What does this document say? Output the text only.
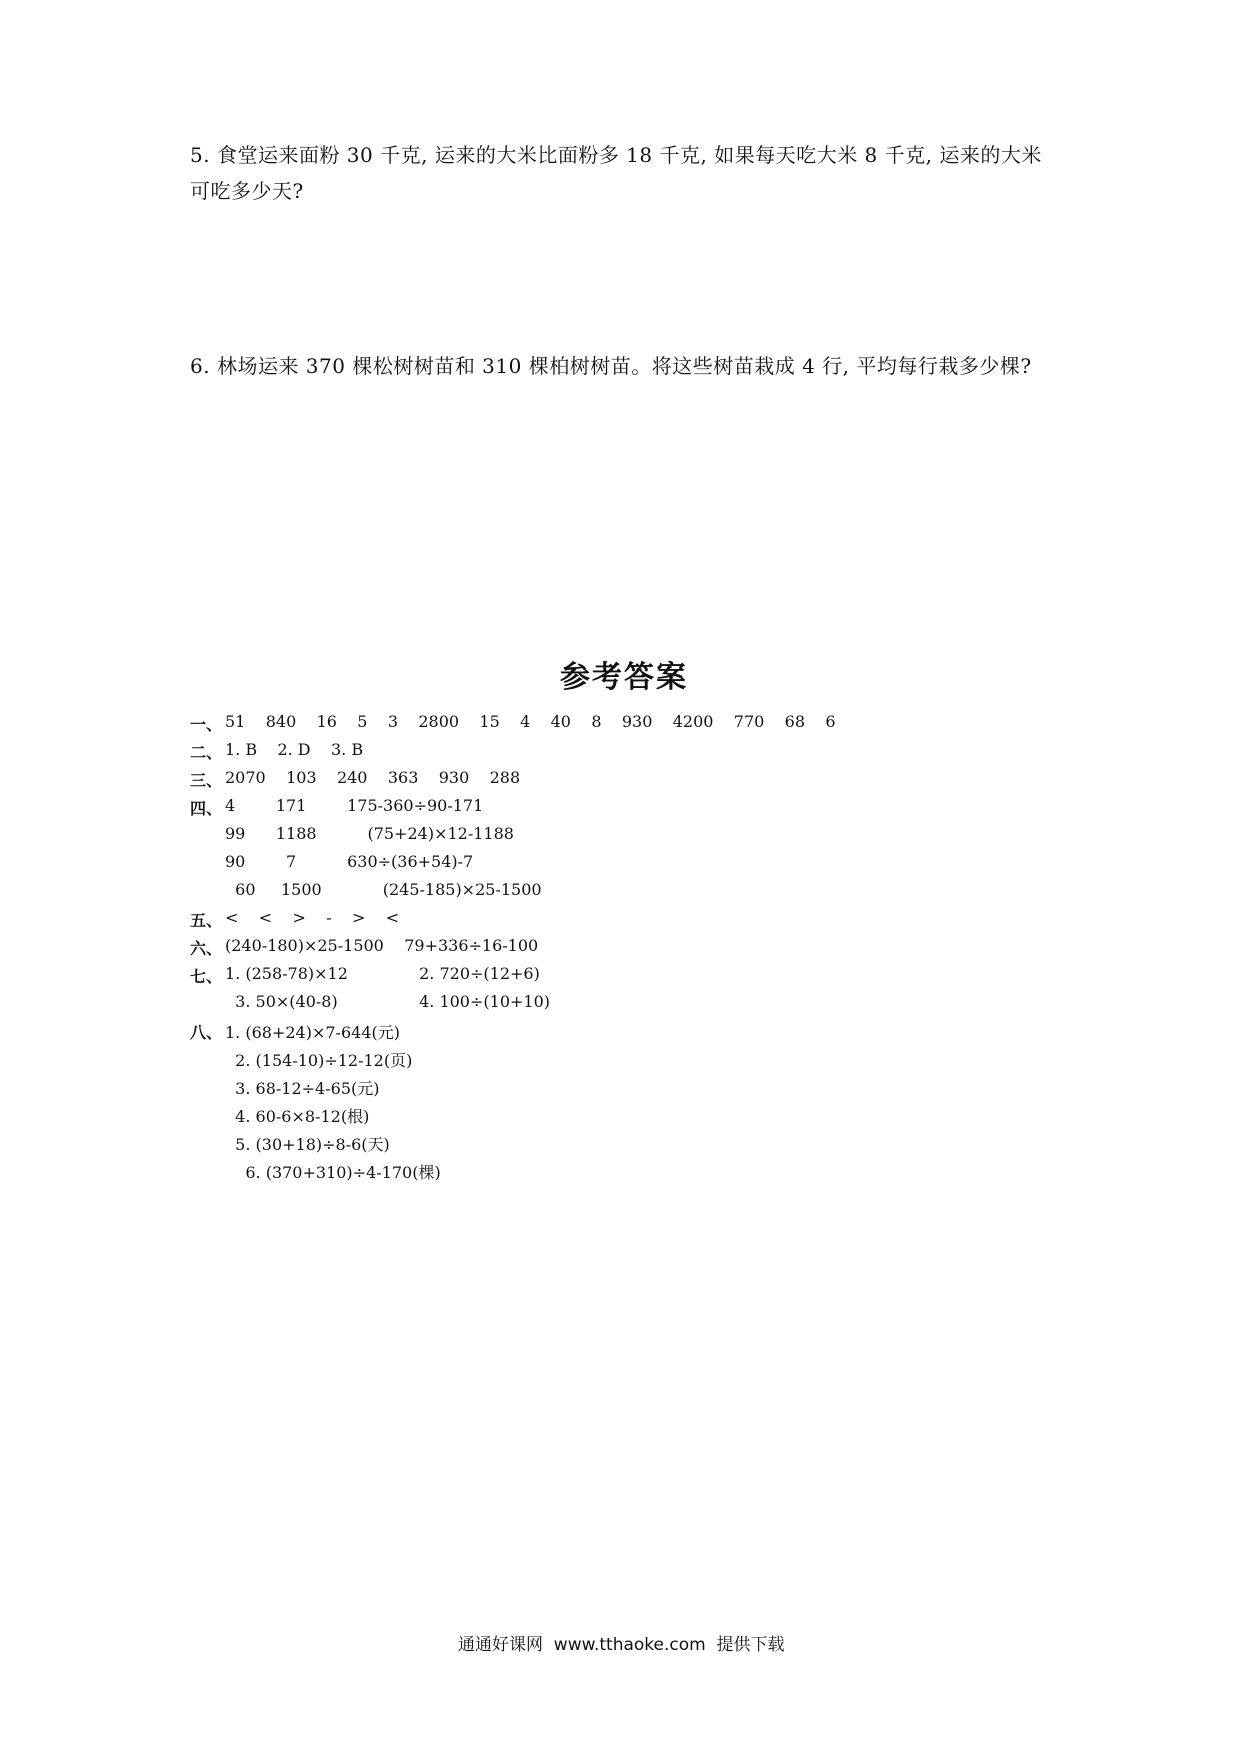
5. 食堂运来面粉 30 千克, 运来的大米比面粉多 18 千克, 如果每天吃大米 8 千克, 运来的大米
可吃多少天?
6. 林场运来 370 棵松树树苗和 310 棵柏树树苗。将这些树苗栽成 4 行, 平均每行栽多少棵?
参考答案
一、 51    840    16    5    3    2800    15    4    40    8    930    4200    770    68    6
二、 1. B    2. D    3. B
三、 2070    103    240    363    930    288
四、 4        171        175-360÷90-171
99      1188          (75+24)×12-1188
90        7          630÷(36+54)-7
60     1500            (245-185)×25-1500
五、 <    <    >    -    >    <
六、 (240-180)×25-1500    79+336÷16-100
七、 1. (258-78)×12              2. 720÷(12+6)
3. 50×(40-8)                4. 100÷(10+10)
八、 1. (68+24)×7-644(元)
2. (154-10)÷12-12(页)
3. 68-12÷4-65(元)
4. 60-6×8-12(根)
5. (30+18)÷8-6(天)
6. (370+310)÷4-170(棵)
通通好课网  www.tthaoke.com  提供下载
